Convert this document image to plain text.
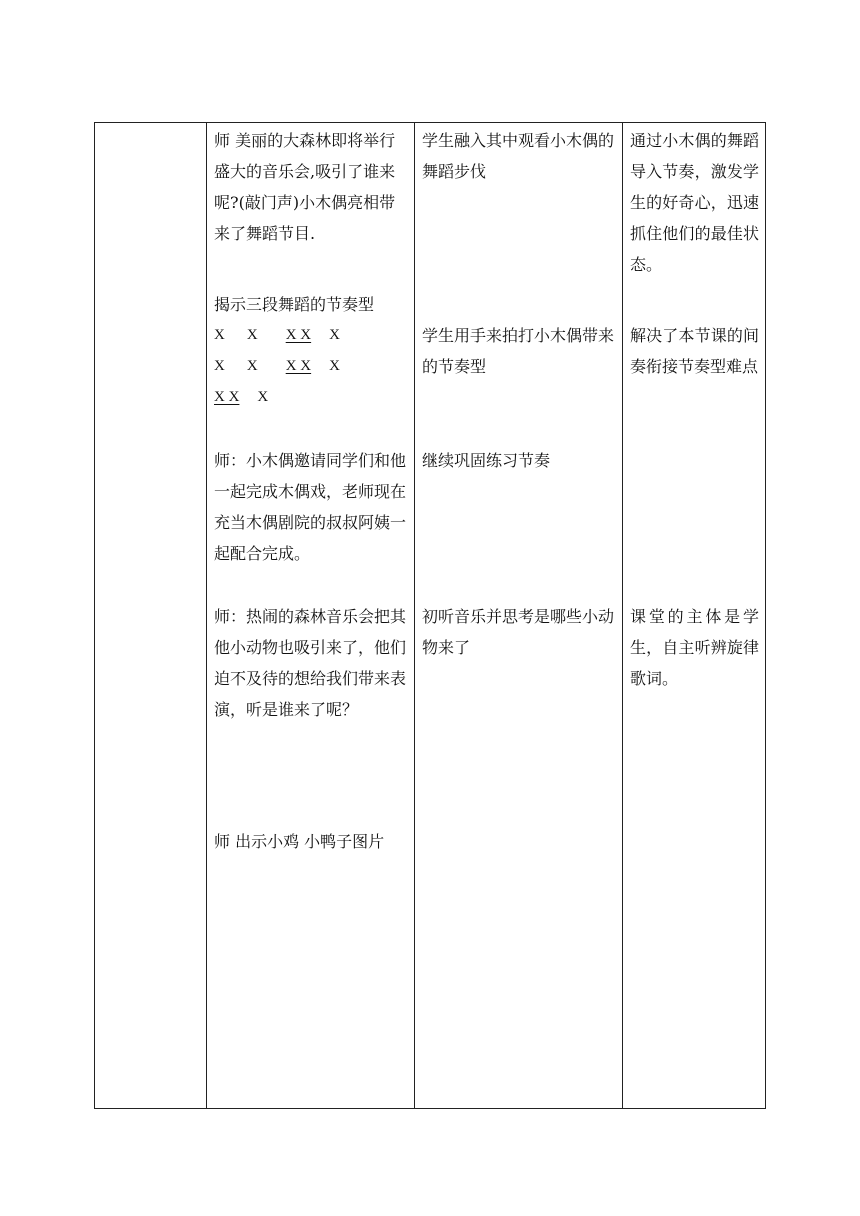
师 美丽的大森林即将举行盛大的音乐会,吸引了谁来呢?(敲门声)小木偶亮相带来了舞蹈节目.

揭示三段舞蹈的节奏型

X X X X X
X X X X X
X X X

师：小木偶邀请同学们和他一起完成木偶戏，老师现在充当木偶剧院的叔叔阿姨一起配合完成。

师：热闹的森林音乐会把其他小动物也吸引来了，他们迫不及待的想给我们带来表演，听是谁来了呢？

师 出示小鸡 小鸭子图片

学生融入其中观看小木偶的舞蹈步伐

学生用手来拍打小木偶带来的节奏型

继续巩固练习节奏

初听音乐并思考是哪些小动物来了

通过小木偶的舞蹈导入节奏，激发学生的好奇心，迅速抓住他们的最佳状态。

解决了本节课的间奏衔接节奏型难点

课堂的主体是学生，自主听辨旋律歌词。
